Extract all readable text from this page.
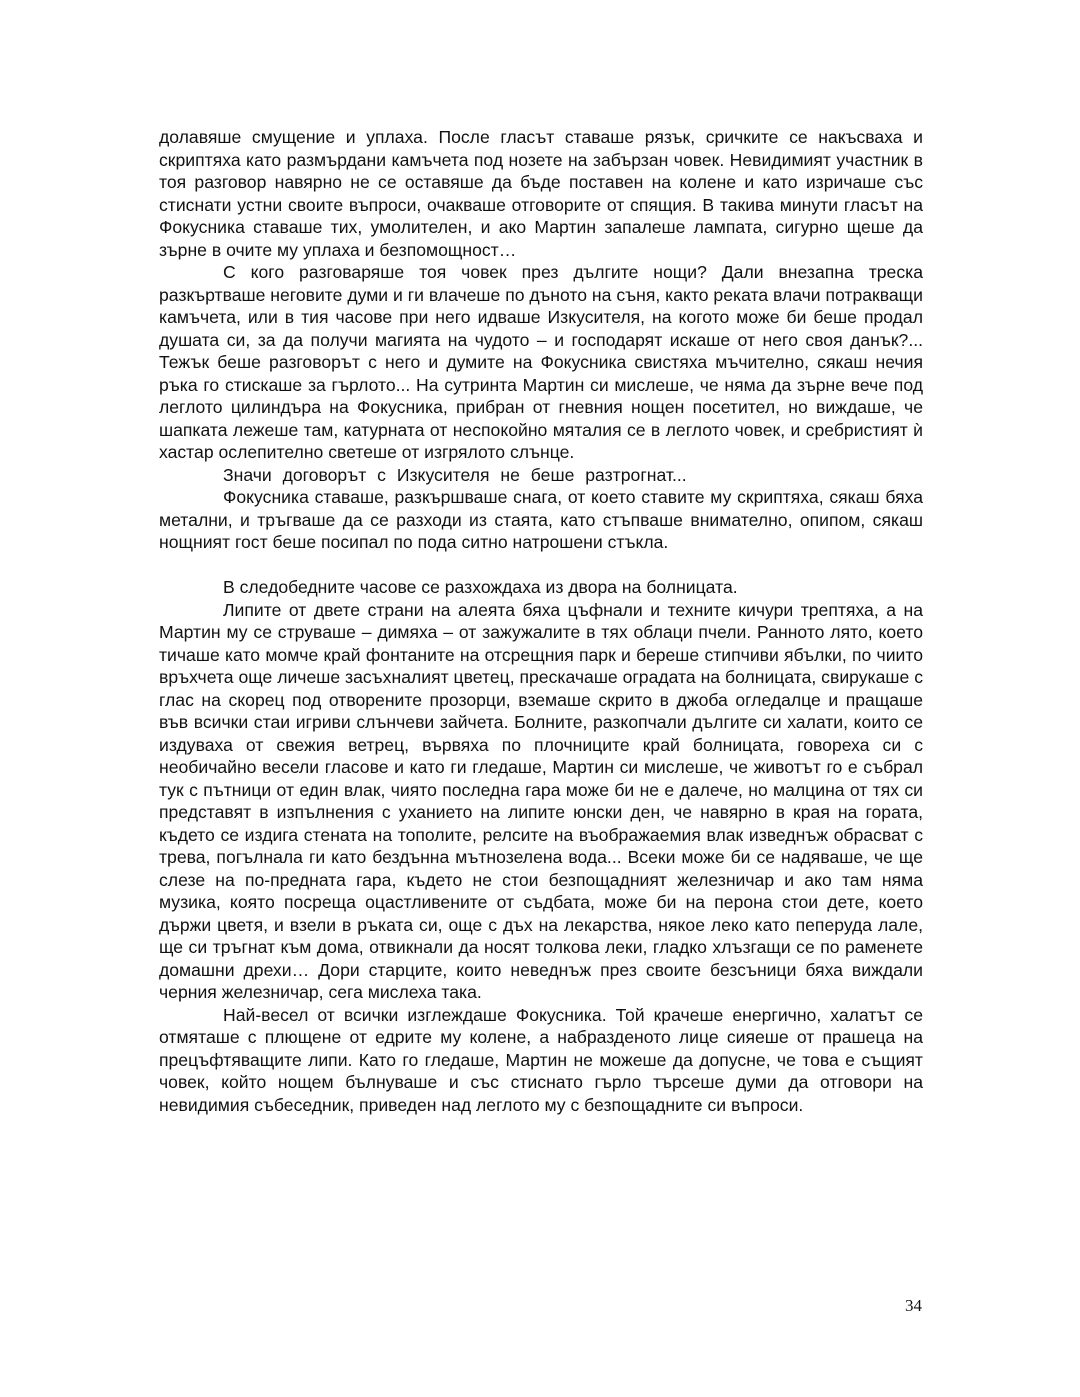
долавяше смущение и уплаха. После гласът ставаше рязък, сричките се накъсваха и скриптяха като размърдани камъчета под нозете на забързан човек. Невидимият участник в тоя разговор навярно не се оставяше да бъде поставен на колене и като изричаше със стиснати устни своите въпроси, очакваше отговорите от спящия. В такива минути гласът на Фокусника ставаше тих, умолителен, и ако Мартин запалеше лампата, сигурно щеше да зърне в очите му уплаха и безпомощност…

С кого разговаряше тоя човек през дългите нощи? Дали внезапна треска разкъртваше неговите думи и ги влачеше по дъното на съня, както реката влачи потракващи камъчета, или в тия часове при него идваше Изкусителя, на когото може би беше продал душата си, за да получи магията на чудото – и господарят искаше от него своя данък?... Тежък беше разговорът с него и думите на Фокусника свистяха мъчително, сякаш нечия ръка го стискаше за гърлото... На сутринта Мартин си мислеше, че няма да зърне вече под леглото цилиндъра на Фокусника, прибран от гневния нощен посетител, но виждаше, че шапката лежеше там, катурната от неспокойно мяталия се в леглото човек, и сребристият ѝ хастар ослепително светеше от изгрялото слънце.

Значи договорът с Изкусителя не беше разтрогнат...

Фокусника ставаше, разкършваше снага, от което ставите му скриптяха, сякаш бяха метални, и тръгваше да се разходи из стаята, като стъпваше внимателно, опипом, сякаш нощният гост беше посипал по пода ситно натрошени стъкла.

В следобедните часове се разхождаха из двора на болницата.

Липите от двете страни на алеята бяха цъфнали и техните кичури трептяха, а на Мартин му се струваше – димяха – от зажужалите в тях облаци пчели. Ранното лято, което тичаше като момче край фонтаните на отсрещния парк и береше стипчиви ябълки, по чиито връхчета още личеше засъхналият цветец, прескачаше оградата на болницата, свирукаше с глас на скорец под отворените прозорци, вземаше скрито в джоба огледалце и пращаше във всички стаи игриви слънчеви зайчета. Болните, разкопчали дългите си халати, които се издуваха от свежия ветрец, вървяха по плочниците край болницата, говореха си с необичайно весели гласове и като ги гледаше, Мартин си мислеше, че животът го е събрал тук с пътници от един влак, чиято последна гара може би не е далече, но малцина от тях си представят в изпълнения с уханието на липите юнски ден, че навярно в края на гората, където се издига стената на тополите, релсите на въображаемия влак изведнъж обрасват с трева, погълнала ги като бездънна мътнозелена вода... Всеки може би се надяваше, че ще слезе на по-предната гара, където не стои безпощадният железничар и ако там няма музика, която посреща оцастливените от съдбата, може би на перона стои дете, което държи цветя, и взели в ръката си, още с дъх на лекарства, някое леко като пеперуда лале, ще си тръгнат към дома, отвикнали да носят толкова леки, гладко хлъзгащи се по раменете домашни дрехи… Дори старците, които неведнъж през своите безсъници бяха виждали черния железничар, сега мислеха така.

Най-весел от всички изглеждаше Фокусника. Той крачеше енергично, халатът се отмяташе с плющене от едрите му колене, а набразденото лице сияеше от прашеца на прецъфтяващите липи. Като го гледаше, Мартин не можеше да допусне, че това е същият човек, който нощем бълнуваше и със стиснато гърло търсеше думи да отговори на невидимия събеседник, приведен над леглото му с безпощадните си въпроси.

34
